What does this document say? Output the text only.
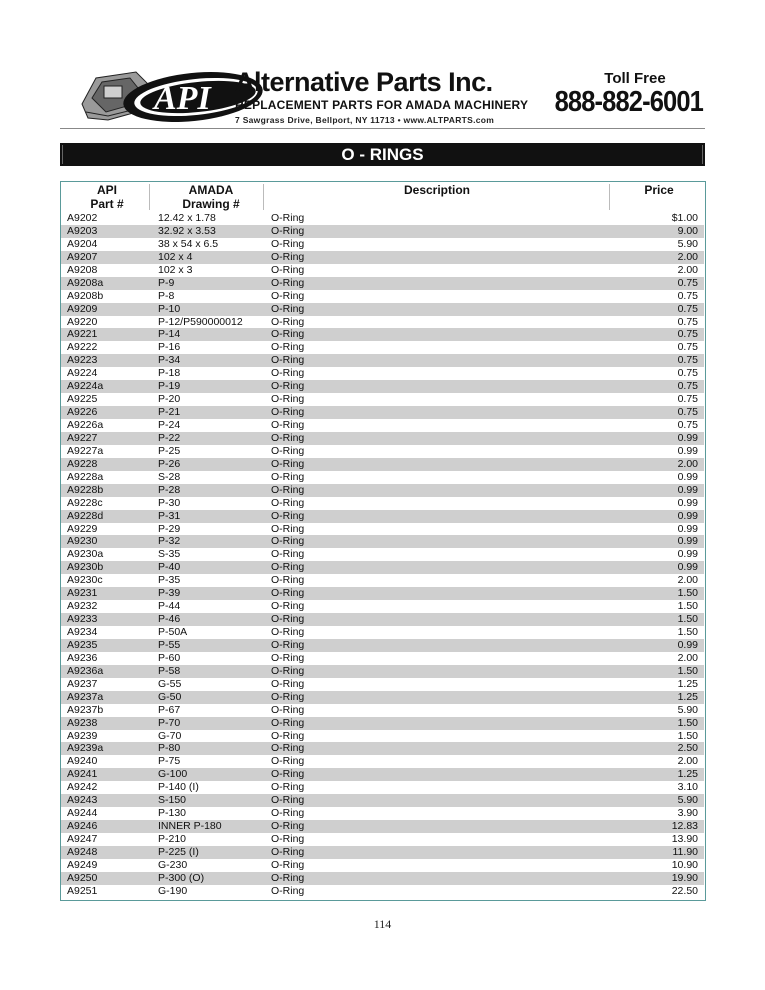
API Alternative Parts Inc.
REPLACEMENT PARTS FOR AMADA MACHINERY
7 Sawgrass Drive, Bellport, NY 11713 • www.ALTPARTS.com
Toll Free
888-882-6001
O - RINGS
API
Part #
AMADA
Drawing #
Description	Price
A9202	12.42 x 1.78	O-Ring	$1.00
A9203	32.92 x 3.53	O-Ring	9.00
A9204	38 x 54 x 6.5	O-Ring	5.90
A9207	102 x 4	O-Ring	2.00
A9208	102 x 3	O-Ring	2.00
A9208a	P-9	O-Ring	0.75
A9208b	P-8	O-Ring	0.75
A9209	P-10	O-Ring	0.75
A9220	P-12/P590000012	O-Ring	0.75
A9221	P-14	O-Ring	0.75
A9222	P-16	O-Ring	0.75
A9223	P-34	O-Ring	0.75
A9224	P-18	O-Ring	0.75
A9224a	P-19	O-Ring	0.75
A9225	P-20	O-Ring	0.75
A9226	P-21	O-Ring	0.75
A9226a	P-24	O-Ring	0.75
A9227	P-22	O-Ring	0.99
A9227a	P-25	O-Ring	0.99
A9228	P-26	O-Ring	2.00
A9228a	S-28	O-Ring	0.99
A9228b	P-28	O-Ring	0.99
A9228c	P-30	O-Ring	0.99
A9228d	P-31	O-Ring	0.99
A9229	P-29	O-Ring	0.99
A9230	P-32	O-Ring	0.99
A9230a	S-35	O-Ring	0.99
A9230b	P-40	O-Ring	0.99
A9230c	P-35	O-Ring	2.00
A9231	P-39	O-Ring	1.50
A9232	P-44	O-Ring	1.50
A9233	P-46	O-Ring	1.50
A9234	P-50A	O-Ring	1.50
A9235	P-55	O-Ring	0.99
A9236	P-60	O-Ring	2.00
A9236a	P-58	O-Ring	1.50
A9237	G-55	O-Ring	1.25
A9237a	G-50	O-Ring	1.25
A9237b	P-67	O-Ring	5.90
A9238	P-70	O-Ring	1.50
A9239	G-70	O-Ring	1.50
A9239a	P-80	O-Ring	2.50
A9240	P-75	O-Ring	2.00
A9241	G-100	O-Ring	1.25
A9242	P-140 (I)	O-Ring	3.10
A9243	S-150	O-Ring	5.90
A9244	P-130	O-Ring	3.90
A9246	INNER P-180	O-Ring	12.83
A9247	P-210	O-Ring	13.90
A9248	P-225 (I)	O-Ring	11.90
A9249	G-230	O-Ring	10.90
A9250	P-300 (O)	O-Ring	19.90
A9251	G-190	O-Ring	22.50
114
